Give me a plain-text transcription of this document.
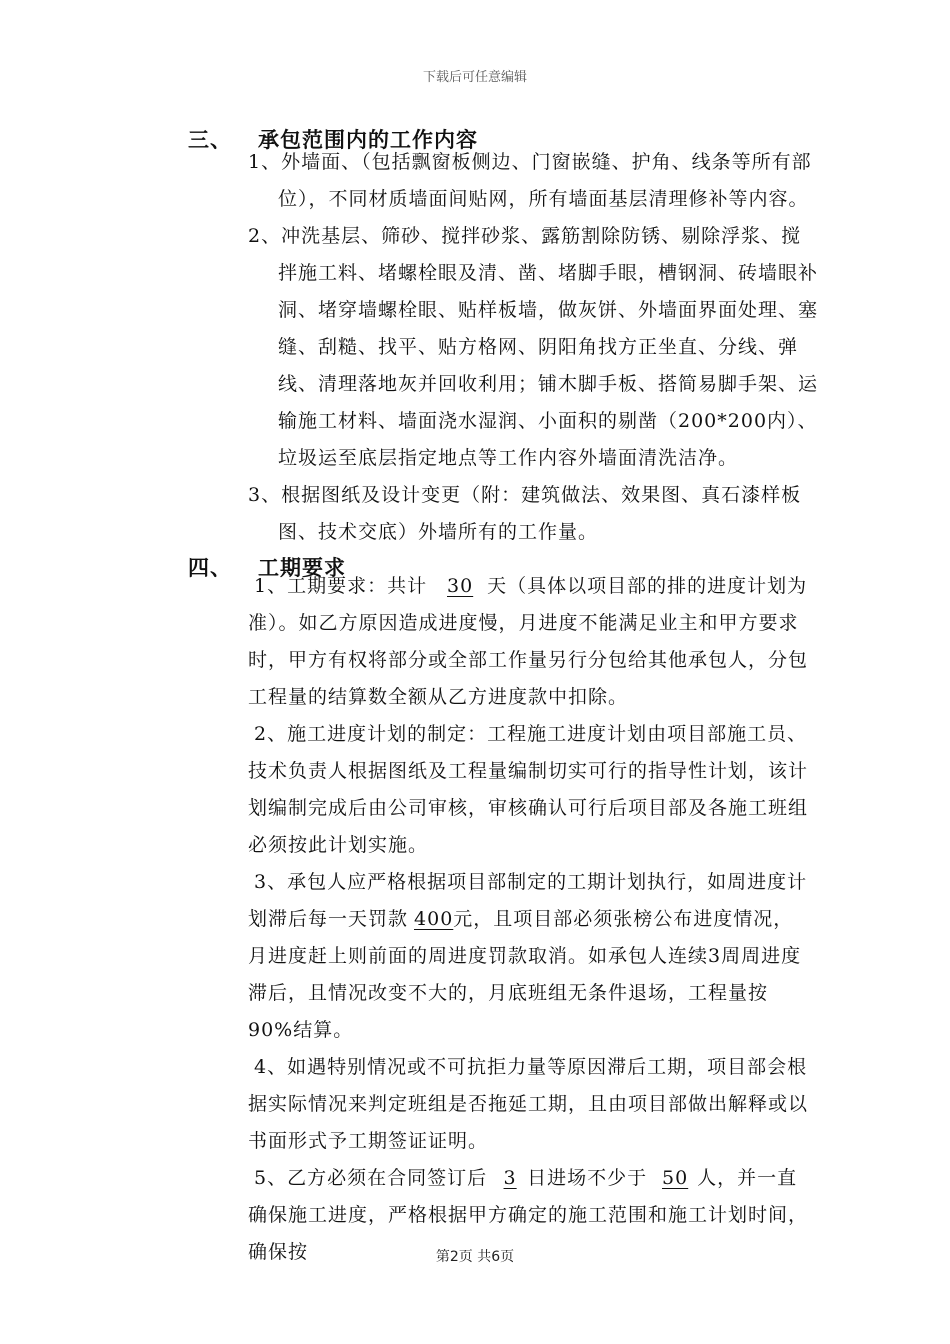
下载后可任意编辑
三、	承包范围内的工作内容

1、外墙面、（包括飘窗板侧边、门窗嵌缝、护角、线条等所有部位），不同材质墙面间贴网，所有墙面基层清理修补等内容。

2、冲洗基层、筛砂、搅拌砂浆、露筋割除防锈、剔除浮浆、搅拌施工料、堵螺栓眼及清、凿、堵脚手眼，槽钢洞、砖墙眼补洞、堵穿墙螺栓眼、贴样板墙，做灰饼、外墙面界面处理、塞缝、刮糙、找平、贴方格网、阴阳角找方正坐直、分线、弹线、清理落地灰并回收利用；铺木脚手板、搭简易脚手架、运输施工材料、墙面浇水湿润、小面积的剔凿（200*200内）、垃圾运至底层指定地点等工作内容外墙面清洗洁净。

3、根据图纸及设计变更（附：建筑做法、效果图、真石漆样板图、技术交底）外墙所有的工作量。

四、	工期要求

1、工期要求：共计 30 天（具体以项目部的排的进度计划为准）。如乙方原因造成进度慢，月进度不能满足业主和甲方要求时，甲方有权将部分或全部工作量另行分包给其他承包人，分包工程量的结算数全额从乙方进度款中扣除。

2、施工进度计划的制定：工程施工进度计划由项目部施工员、技术负责人根据图纸及工程量编制切实可行的指导性计划，该计划编制完成后由公司审核，审核确认可行后项目部及各施工班组必须按此计划实施。

3、承包人应严格根据项目部制定的工期计划执行，如周进度计划滞后每一天罚款 400元，且项目部必须张榜公布进度情况，月进度赶上则前面的周进度罚款取消。如承包人连续3周周进度滞后，且情况改变不大的，月底班组无条件退场，工程量按90%结算。

4、如遇特别情况或不可抗拒力量等原因滞后工期，项目部会根据实际情况来判定班组是否拖延工期，且由项目部做出解释或以书面形式予工期签证证明。

5、乙方必须在合同签订后 3 日进场不少于 50 人，并一直确保施工进度，严格根据甲方确定的施工范围和施工计划时间，确保按	第2页 共6页
